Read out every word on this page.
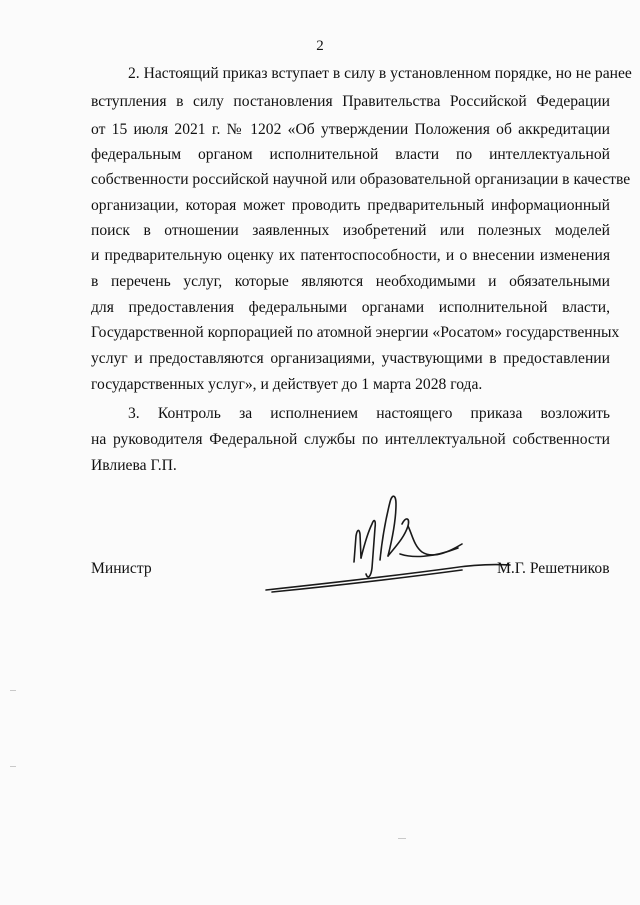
2
2. Настоящий приказ вступает в силу в установленном порядке, но не ранее
вступления в силу постановления Правительства Российской Федерации
от 15 июля 2021 г. № 1202 «Об утверждении Положения об аккредитации
федеральным органом исполнительной власти по интеллектуальной
собственности российской научной или образовательной организации в качестве
организации, которая может проводить предварительный информационный
поиск в отношении заявленных изобретений или полезных моделей
и предварительную оценку их патентоспособности, и о внесении изменения
в перечень услуг, которые являются необходимыми и обязательными
для предоставления федеральными органами исполнительной власти,
Государственной корпорацией по атомной энергии «Росатом» государственных
услуг и предоставляются организациями, участвующими в предоставлении
государственных услуг», и действует до 1 марта 2028 года.
3. Контроль за исполнением настоящего приказа возложить
на руководителя Федеральной службы по интеллектуальной собственности
Ивлиева Г.П.
Министр	М.Г. Решетников
